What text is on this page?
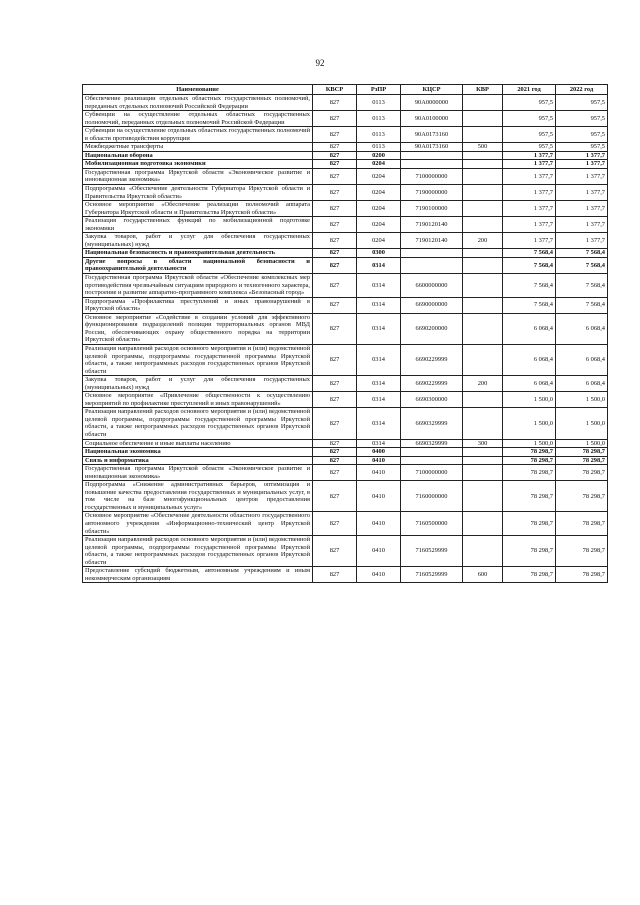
92
Наименование	КВСР	РзПР	КЦСР	КВР	2021 год	2022 год
Обеспечение реализации отдельных областных государственных полномочий, переданных отдельных полномочий Российской Федерации	827	0113	90А0000000		957,5	957,5
Субвенции на осуществление отдельных областных государственных полномочий, переданных отдельных полномочий Российской Федерации	827	0113	90А0100000		957,5	957,5
Субвенции на осуществление отдельных областных государственных полномочий в области противодействия коррупции	827	0113	90А0173160		957,5	957,5
Межбюджетные трансферты	827	0113	90А0173160	500	957,5	957,5
Национальная оборона	827	0200			1 377,7	1 377,7
Мобилизационная подготовка экономики	827	0204			1 377,7	1 377,7
Государственная программа Иркутской области «Экономическое развитие и инновационная экономика»	827	0204	7100000000		1 377,7	1 377,7
Подпрограмма «Обеспечение деятельности Губернатора Иркутской области и Правительства Иркутской области»	827	0204	7190000000		1 377,7	1 377,7
Основное мероприятие «Обеспечение реализации полномочий аппарата Губернатора Иркутской области и Правительства Иркутской области»	827	0204	7190100000		1 377,7	1 377,7
Реализация государственных функций по мобилизационной подготовке экономики	827	0204	7190120140		1 377,7	1 377,7
Закупка товаров, работ и услуг для обеспечения государственных (муниципальных) нужд	827	0204	7190120140	200	1 377,7	1 377,7
Национальная безопасность и правоохранительная деятельность	827	0300			7 568,4	7 568,4
Другие вопросы в области национальной безопасности и правоохранительной деятельности	827	0314			7 568,4	7 568,4
Государственная программа Иркутской области «Обеспечение комплексных мер противодействия чрезвычайным ситуациям природного и техногенного характера, построение и развитие аппаратно-программного комплекса «Безопасный город»	827	0314	6600000000		7 568,4	7 568,4
Подпрограмма «Профилактика преступлений и иных правонарушений в Иркутской области»	827	0314	6690000000		7 568,4	7 568,4
Основное мероприятие «Содействие в создании условий для эффективного функционирования подразделений полиции территориальных органов МВД России, обеспечивающих охрану общественного порядка на территории Иркутской области»	827	0314	6690200000		6 068,4	6 068,4
Реализация направлений расходов основного мероприятия и (или) ведомственной целевой программы, подпрограммы государственной программы Иркутской области, а также непрограммных расходов государственных органов Иркутской области	827	0314	6690229999		6 068,4	6 068,4
Закупка товаров, работ и услуг для обеспечения государственных (муниципальных) нужд	827	0314	6690229999	200	6 068,4	6 068,4
Основное мероприятие «Привлечение общественности к осуществлению мероприятий по профилактике преступлений и иных правонарушений»	827	0314	6690300000		1 500,0	1 500,0
Реализация направлений расходов основного мероприятия и (или) ведомственной целевой программы, подпрограммы государственной программы Иркутской области, а также непрограммных расходов государственных органов Иркутской области	827	0314	6690329999		1 500,0	1 500,0
Социальное обеспечение и иные выплаты населению	827	0314	6690329999	300	1 500,0	1 500,0
Национальная экономика	827	0400			78 298,7	78 298,7
Связь и информатика	827	0410			78 298,7	78 298,7
Государственная программа Иркутской области «Экономическое развитие и инновационная экономика»	827	0410	7100000000		78 298,7	78 298,7
Подпрограмма «Снижение административных барьеров, оптимизация и повышение качества предоставления государственных и муниципальных услуг, в том числе на базе многофункциональных центров предоставления государственных и муниципальных услуг»	827	0410	7160000000		78 298,7	78 298,7
Основное мероприятие «Обеспечение деятельности областного государственного автономного учреждения «Информационно-технический центр Иркутской области»	827	0410	7160500000		78 298,7	78 298,7
Реализация направлений расходов основного мероприятия и (или) ведомственной целевой программы, подпрограммы государственной программы Иркутской области, а также непрограммных расходов государственных органов Иркутской области	827	0410	7160529999		78 298,7	78 298,7
Предоставление субсидий бюджетным, автономным учреждениям и иным некоммерческим организациям	827	0410	7160529999	600	78 298,7	78 298,7
